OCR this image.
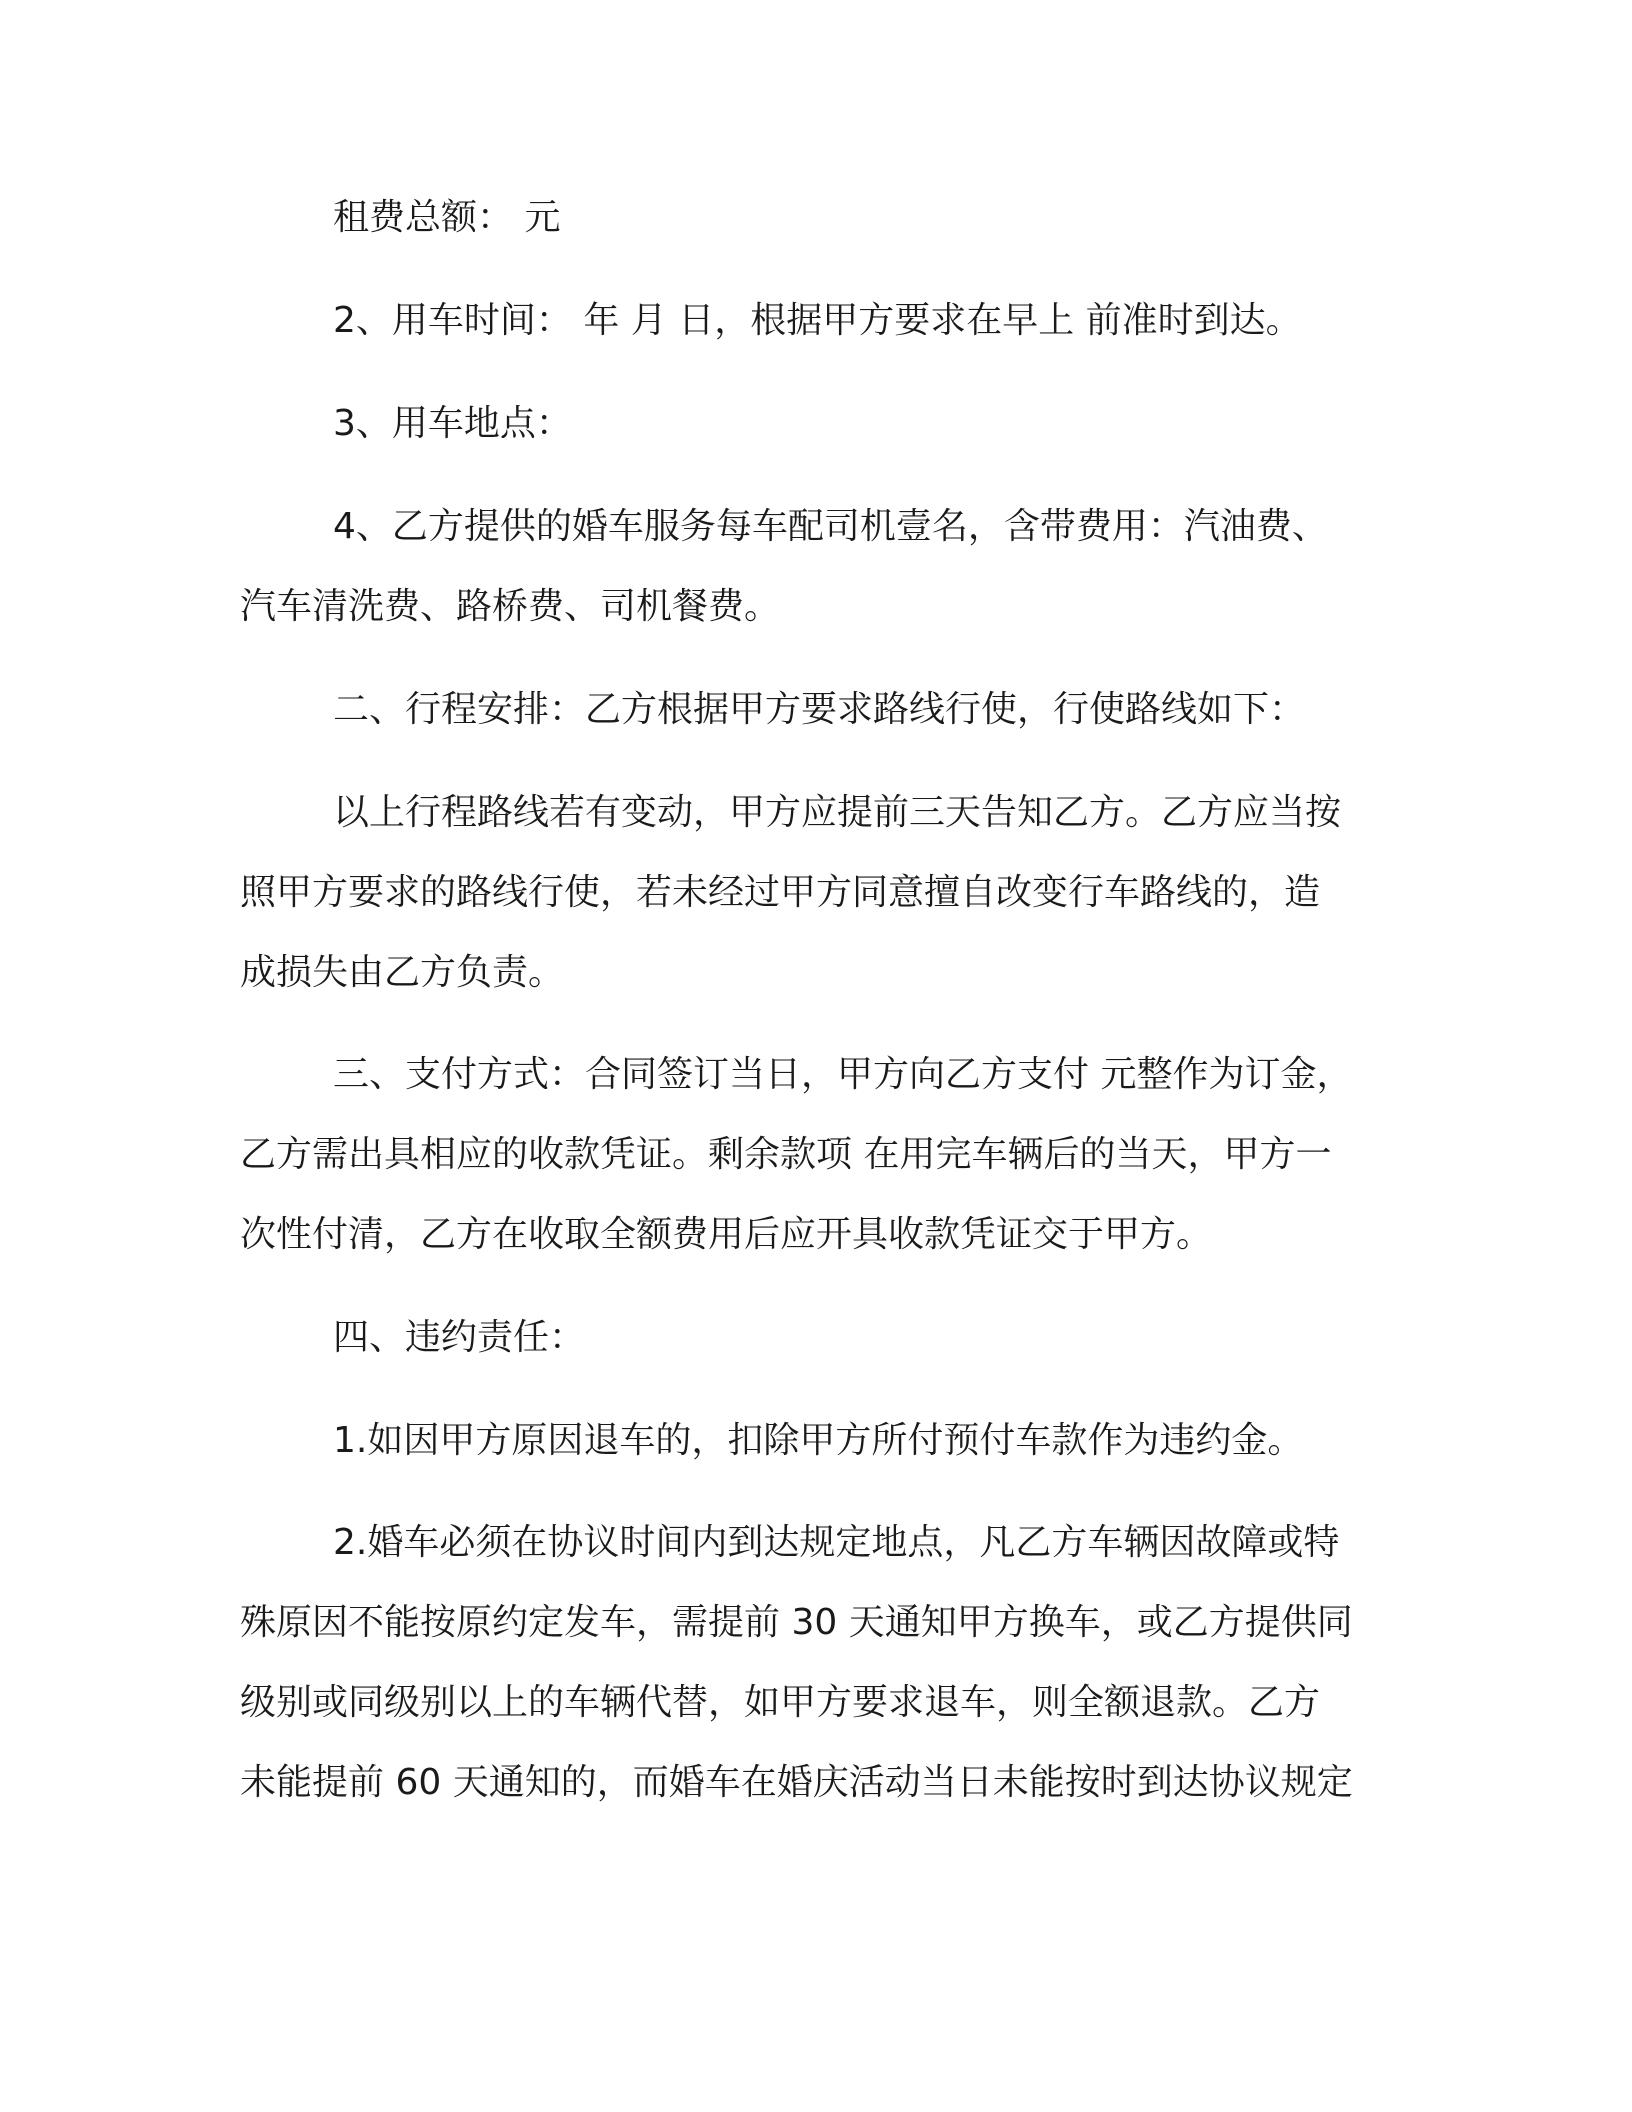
租费总额： 元
2、用车时间： 年 月 日，根据甲方要求在早上 前准时到达。
3、用车地点：
4、乙方提供的婚车服务每车配司机壹名，含带费用：汽油费、
汽车清洗费、路桥费、司机餐费。
二、行程安排：乙方根据甲方要求路线行使，行使路线如下：
以上行程路线若有变动，甲方应提前三天告知乙方。乙方应当按
照甲方要求的路线行使，若未经过甲方同意擅自改变行车路线的，造
成损失由乙方负责。
三、支付方式：合同签订当日，甲方向乙方支付 元整作为订金，
乙方需出具相应的收款凭证。剩余款项 在用完车辆后的当天，甲方一
次性付清，乙方在收取全额费用后应开具收款凭证交于甲方。
四、违约责任：
1.如因甲方原因退车的，扣除甲方所付预付车款作为违约金。
2.婚车必须在协议时间内到达规定地点，凡乙方车辆因故障或特
殊原因不能按原约定发车，需提前 30 天通知甲方换车，或乙方提供同
级别或同级别以上的车辆代替，如甲方要求退车，则全额退款。乙方
未能提前 60 天通知的，而婚车在婚庆活动当日未能按时到达协议规定
